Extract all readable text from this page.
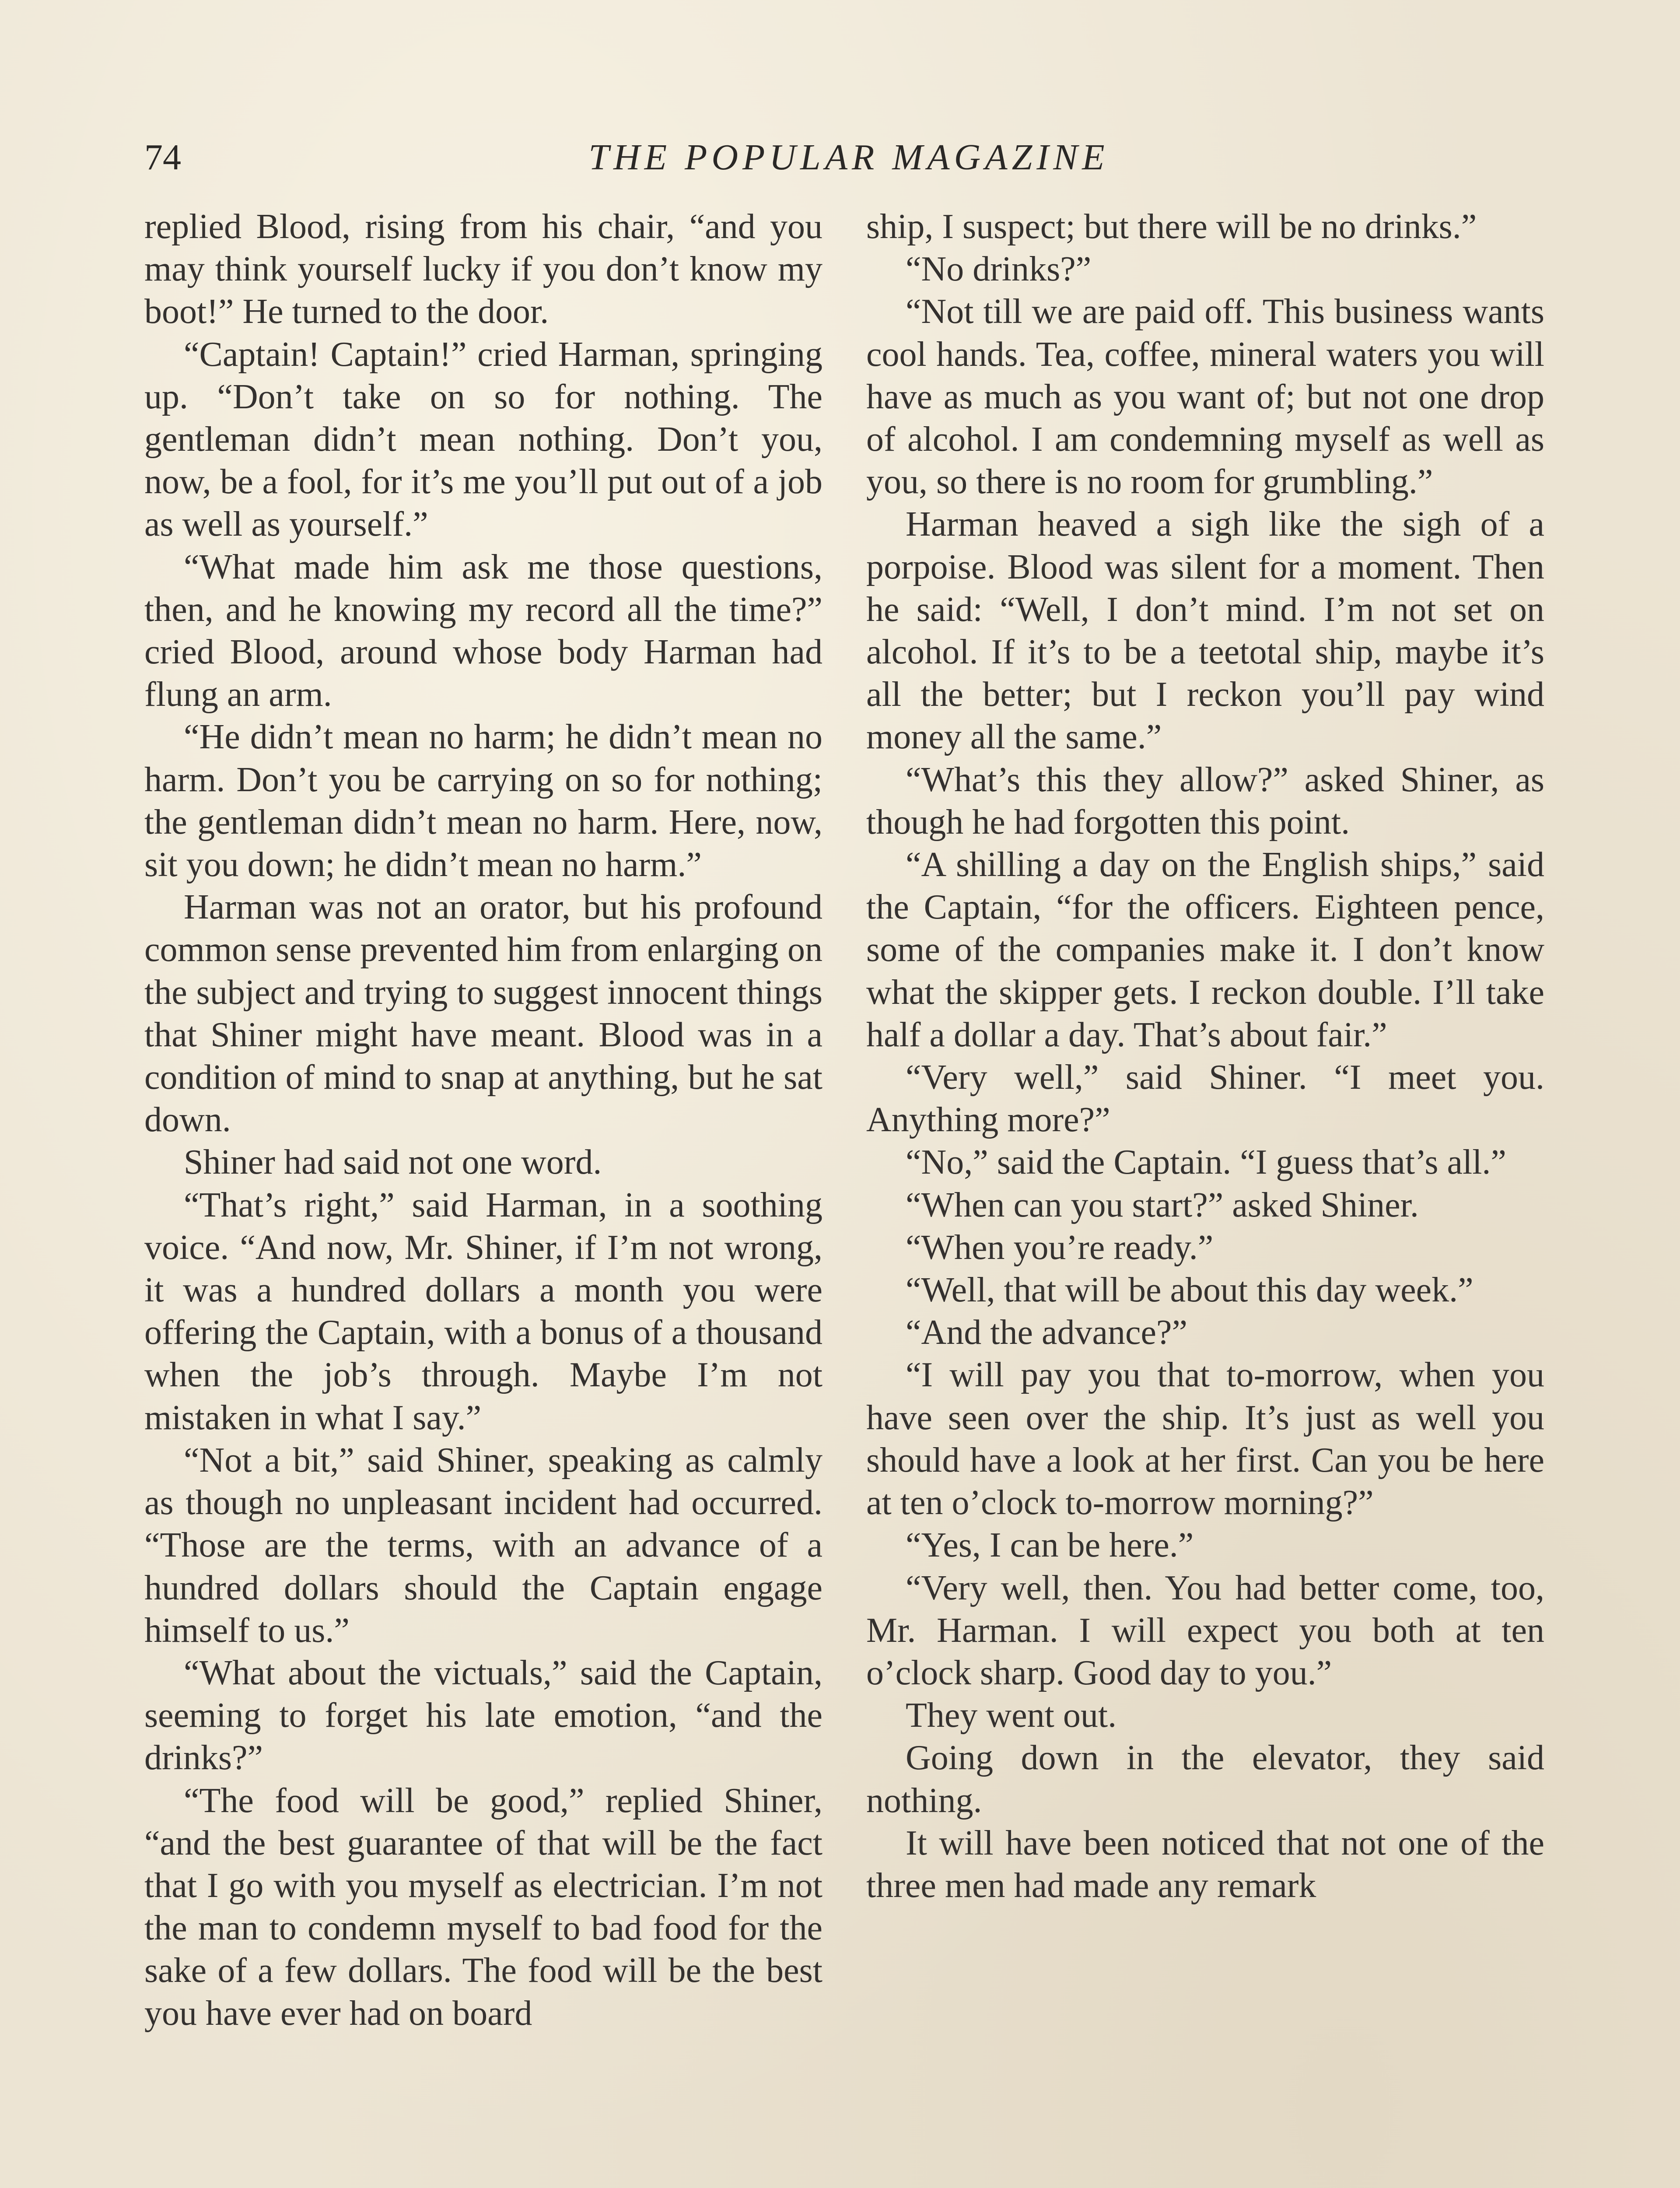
74	THE POPULAR MAGAZINE

replied Blood, rising from his chair, “and you may think yourself lucky if you don’t know my boot!” He turned to the door.

“Captain! Captain!” cried Harman, springing up. “Don’t take on so for nothing. The gentleman didn’t mean nothing. Don’t you, now, be a fool, for it’s me you’ll put out of a job as well as yourself.”

“What made him ask me those questions, then, and he knowing my record all the time?” cried Blood, around whose body Harman had flung an arm.

“He didn’t mean no harm; he didn’t mean no harm. Don’t you be carrying on so for nothing; the gentleman didn’t mean no harm. Here, now, sit you down; he didn’t mean no harm.”

Harman was not an orator, but his profound common sense prevented him from enlarging on the subject and trying to suggest innocent things that Shiner might have meant. Blood was in a condition of mind to snap at anything, but he sat down.

Shiner had said not one word.

“That’s right,” said Harman, in a soothing voice. “And now, Mr. Shiner, if I’m not wrong, it was a hundred dollars a month you were offering the Captain, with a bonus of a thousand when the job’s through. Maybe I’m not mistaken in what I say.”

“Not a bit,” said Shiner, speaking as calmly as though no unpleasant incident had occurred. “Those are the terms, with an advance of a hundred dollars should the Captain engage himself to us.”

“What about the victuals,” said the Captain, seeming to forget his late emotion, “and the drinks?”

“The food will be good,” replied Shiner, “and the best guarantee of that will be the fact that I go with you myself as electrician. I’m not the man to condemn myself to bad food for the sake of a few dollars. The food will be the best you have ever had on board

ship, I suspect; but there will be no drinks.”

“No drinks?”

“Not till we are paid off. This business wants cool hands. Tea, coffee, mineral waters you will have as much as you want of; but not one drop of alcohol. I am condemning myself as well as you, so there is no room for grumbling.”

Harman heaved a sigh like the sigh of a porpoise. Blood was silent for a moment. Then he said: “Well, I don’t mind. I’m not set on alcohol. If it’s to be a teetotal ship, maybe it’s all the better; but I reckon you’ll pay wind money all the same.”

“What’s this they allow?” asked Shiner, as though he had forgotten this point.

“A shilling a day on the English ships,” said the Captain, “for the officers. Eighteen pence, some of the companies make it. I don’t know what the skipper gets. I reckon double. I’ll take half a dollar a day. That’s about fair.”

“Very well,” said Shiner. “I meet you. Anything more?”

“No,” said the Captain. “I guess that’s all.”

“When can you start?” asked Shiner.

“When you’re ready.”

“Well, that will be about this day week.”

“And the advance?”

“I will pay you that to-morrow, when you have seen over the ship. It’s just as well you should have a look at her first. Can you be here at ten o’clock to-morrow morning?”

“Yes, I can be here.”

“Very well, then. You had better come, too, Mr. Harman. I will expect you both at ten o’clock sharp. Good day to you.”

They went out.

Going down in the elevator, they said nothing.

It will have been noticed that not one of the three men had made any remark
